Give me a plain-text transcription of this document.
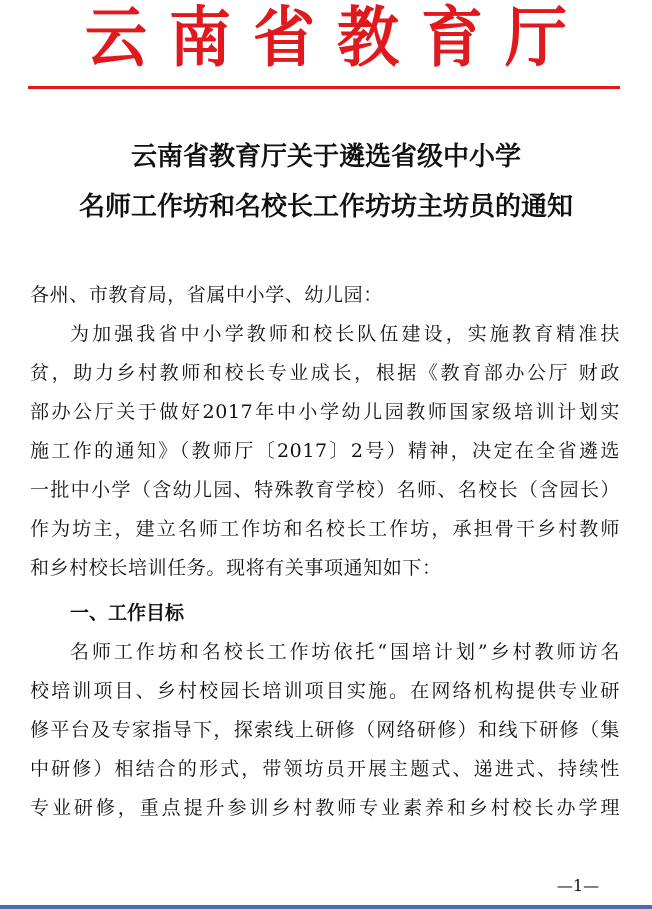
云南省教育厅
云南省教育厅关于遴选省级中小学
名师工作坊和名校长工作坊坊主坊员的通知
各州、市教育局，省属中小学、幼儿园：
为加强我省中小学教师和校长队伍建设，实施教育精准扶
贫，助力乡村教师和校长专业成长，根据《教育部办公厅 财政
部办公厅关于做好2017年中小学幼儿园教师国家级培训计划实
施工作的通知》（教师厅〔2017〕2号）精神，决定在全省遴选
一批中小学（含幼儿园、特殊教育学校）名师、名校长（含园长）
作为坊主，建立名师工作坊和名校长工作坊，承担骨干乡村教师
和乡村校长培训任务。现将有关事项通知如下：
一、工作目标
名师工作坊和名校长工作坊依托“国培计划”乡村教师访名
校培训项目、乡村校园长培训项目实施。在网络机构提供专业研
修平台及专家指导下，探索线上研修（网络研修）和线下研修（集
中研修）相结合的形式，带领坊员开展主题式、递进式、持续性
专业研修，重点提升参训乡村教师专业素养和乡村校长办学理
—1—
